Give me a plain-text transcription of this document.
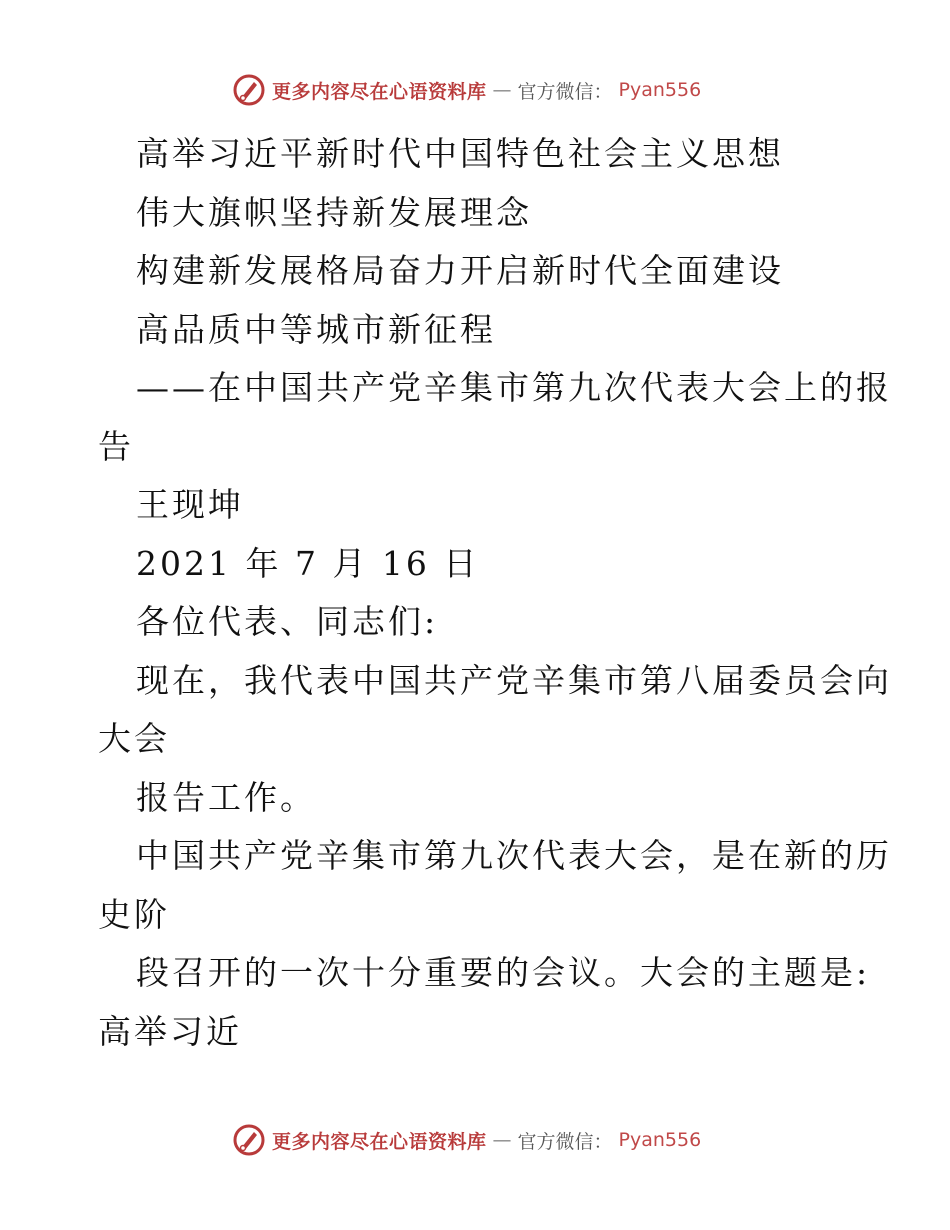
更多内容尽在心语资料库 — 官方微信： Pyan556
高举习近平新时代中国特色社会主义思想
伟大旗帜坚持新发展理念
构建新发展格局奋力开启新时代全面建设
高品质中等城市新征程
——在中国共产党辛集市第九次代表大会上的报
告
王现坤
2021 年 7 月 16 日
各位代表、同志们:
现在，我代表中国共产党辛集市第八届委员会向
大会
报告工作。
中国共产党辛集市第九次代表大会，是在新的历
史阶
段召开的一次十分重要的会议。大会的主题是:
高举习近
更多内容尽在心语资料库 — 官方微信： Pyan556
